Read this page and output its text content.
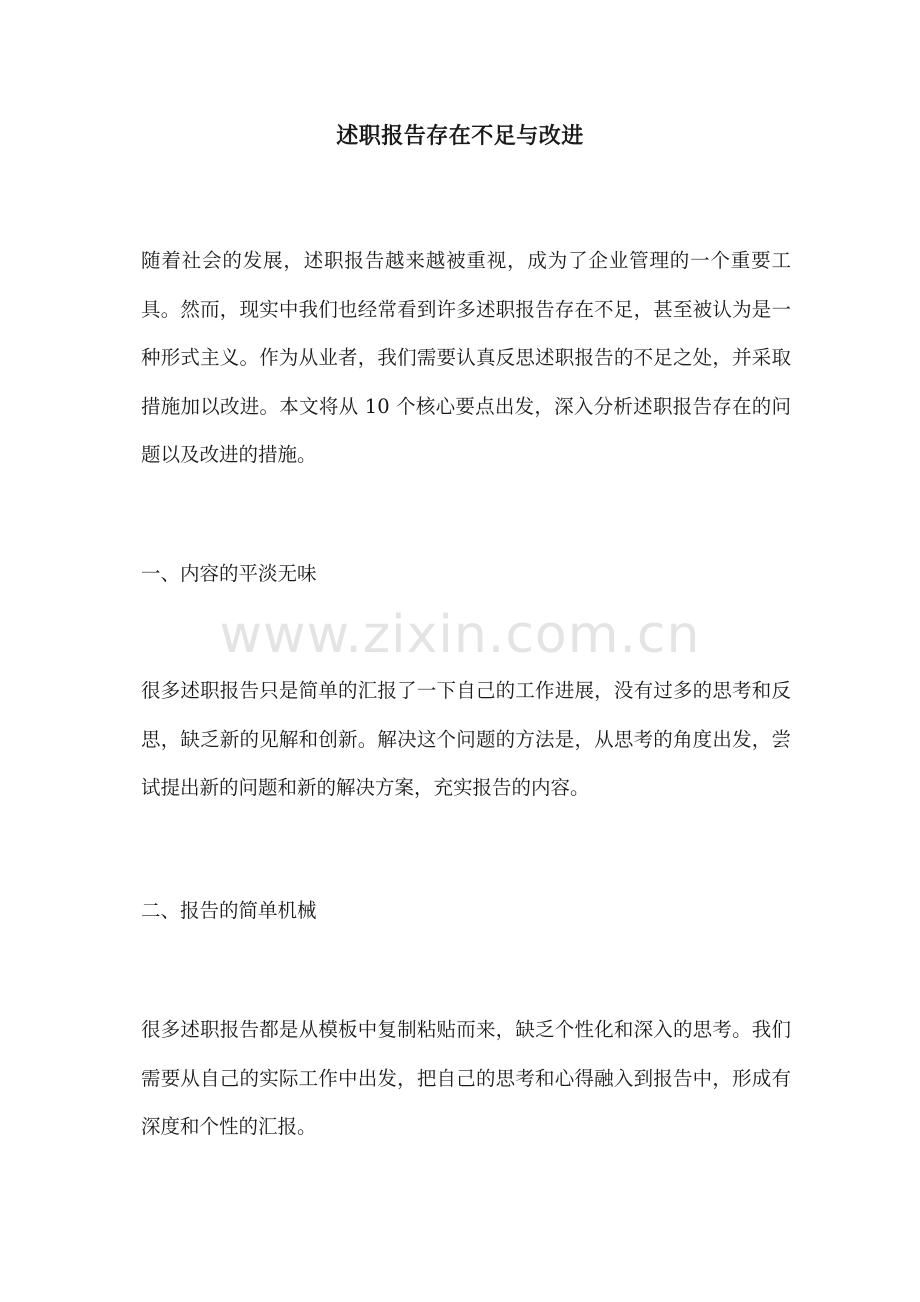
述职报告存在不足与改进

随着社会的发展，述职报告越来越被重视，成为了企业管理的一个重要工具。然而，现实中我们也经常看到许多述职报告存在不足，甚至被认为是一种形式主义。作为从业者，我们需要认真反思述职报告的不足之处，并采取措施加以改进。本文将从 10 个核心要点出发，深入分析述职报告存在的问题以及改进的措施。

一、内容的平淡无味

www.zixin.com.cn

很多述职报告只是简单的汇报了一下自己的工作进展，没有过多的思考和反思，缺乏新的见解和创新。解决这个问题的方法是，从思考的角度出发，尝试提出新的问题和新的解决方案，充实报告的内容。

二、报告的简单机械

很多述职报告都是从模板中复制粘贴而来，缺乏个性化和深入的思考。我们需要从自己的实际工作中出发，把自己的思考和心得融入到报告中，形成有深度和个性的汇报。
